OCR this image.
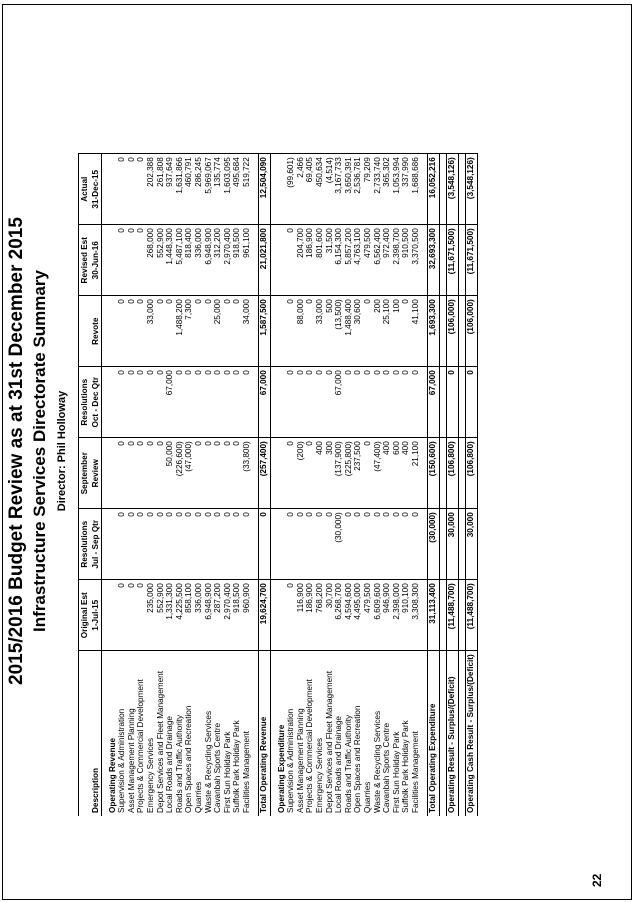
2015/2016 Budget Review as at 31st December 2015 Infrastructure Services Directorate Summary Director: Phil Holloway
	Original Est	Resolutions	September	Resolutions		Revised Est	Actual
Description	1-Jul-15	Jul - Sep Qtr	Review	Oct - Dec Qtr	Revote	30-Jun-16	31-Dec-15

Operating Revenue							
Supervision & Administration	0	0	0	0	0	0	0
Asset Management Planning	0	0	0	0	0	0	0
Projects & Commercial Development	0	0	0	0	0	0	0
Emergency Services	235,000	0	0	0	33,000	268,000	202,388
Depot Services and Fleet Management	552,900	0	0	0	0	552,900	261,808
Local Roads and Drainage	1,331,300	0	50,000	67,000	0	1,448,300	937,649
Roads and Traffic Authority	4,225,500	0	(226,600)	0	1,488,200	5,487,100	1,631,866
Open Spaces and Recreation	858,100	0	(47,000)	0	7,300	818,400	460,791
Quarries	336,000	0	0	0	0	336,000	286,245
Waste & Recycling Services	6,948,900	0	0	0	0	6,948,900	5,969,067
Cavanbah Sports Centre	287,200	0	0	0	25,000	312,200	135,774
First Sun Holiday Park	2,970,400	0	0	0	0	2,970,400	1,603,095
Suffolk Park Holiday Park	918,500	0	0	0	0	918,500	495,684
Facilities Management	960,900	0	(33,800)	0	34,000	961,100	519,722

Total Operating Revenue	19,624,700	0	(257,400)	67,000	1,587,500	21,021,800	12,504,090

Operating Expenditure							
Supervision & Administration	0	0	0	0	0	0	(99,601)
Asset Management Planning	116,900	0	(200)	0	88,000	204,700	2,466
Projects & Commercial Development	186,900	0	0	0	0	186,900	69,405
Emergency Services	768,200	0	400	0	33,000	801,600	450,634
Depot Services and Fleet Management	30,700	0	300	0	500	31,500	(4,514)
Local Roads and Drainage	6,268,700	(30,000)	(137,900)	67,000	(13,500)	6,154,300	3,167,733
Roads and Traffic Authority	4,594,600	0	(225,800)	0	1,488,400	5,857,200	3,650,391
Open Spaces and Recreation	4,495,000	0	237,500	0	30,600	4,763,100	2,536,781
Quarries	479,500	0	0	0	0	479,500	79,209
Waste & Recycling Services	6,609,600	0	(47,400)	0	200	6,562,400	2,733,740
Cavanbah Sports Centre	946,900	0	400	0	25,100	972,400	365,302
First Sun Holiday Park	2,398,000	0	600	0	100	2,398,700	1,053,994
Suffolk Park Holiday Park	910,100	0	400	0	0	910,500	337,990
Facilities Management	3,308,300	0	21,100	0	41,100	3,370,500	1,688,686

Total Operating Expenditure	31,113,400	(30,000)	(150,600)	67,000	1,693,300	32,693,300	16,052,216

Operating Result - Surplus/(Deficit)	(11,488,700)	30,000	(106,800)	0	(106,000)	(11,671,500)	(3,548,126)

Operating Cash Result - Surplus/(Deficit)	(11,488,700)	30,000	(106,800)	0	(106,000)	(11,671,500)	(3,548,126)
22
